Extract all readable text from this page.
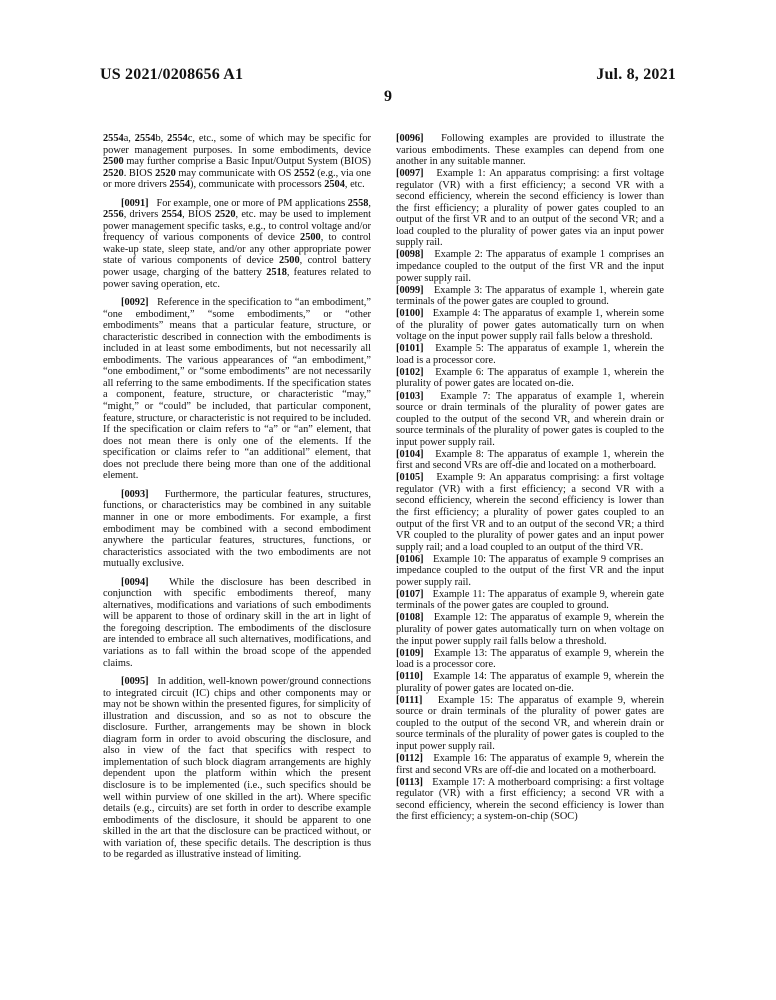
US 2021/0208656 A1	Jul. 8, 2021
9

2554a, 2554b, 2554c, etc., some of which may be specific for power management purposes. In some embodiments, device 2500 may further comprise a Basic Input/Output System (BIOS) 2520. BIOS 2520 may communicate with OS 2552 (e.g., via one or more drivers 2554), communicate with processors 2504, etc.

[0091] For example, one or more of PM applications 2558, 2556, drivers 2554, BIOS 2520, etc. may be used to implement power management specific tasks, e.g., to control voltage and/or frequency of various components of device 2500, to control wake-up state, sleep state, and/or any other appropriate power state of various components of device 2500, control battery power usage, charging of the battery 2518, features related to power saving operation, etc.

[0092] Reference in the specification to “an embodiment,” “one embodiment,” “some embodiments,” or “other embodiments” means that a particular feature, structure, or characteristic described in connection with the embodiments is included in at least some embodiments, but not necessarily all embodiments. The various appearances of “an embodiment,” “one embodiment,” or “some embodiments” are not necessarily all referring to the same embodiments. If the specification states a component, feature, structure, or characteristic “may,” “might,” or “could” be included, that particular component, feature, structure, or characteristic is not required to be included. If the specification or claim refers to “a” or “an” element, that does not mean there is only one of the elements. If the specification or claims refer to “an additional” element, that does not preclude there being more than one of the additional element.

[0093] Furthermore, the particular features, structures, functions, or characteristics may be combined in any suitable manner in one or more embodiments. For example, a first embodiment may be combined with a second embodiment anywhere the particular features, structures, functions, or characteristics associated with the two embodiments are not mutually exclusive.

[0094] While the disclosure has been described in conjunction with specific embodiments thereof, many alternatives, modifications and variations of such embodiments will be apparent to those of ordinary skill in the art in light of the foregoing description. The embodiments of the disclosure are intended to embrace all such alternatives, modifications, and variations as to fall within the broad scope of the appended claims.

[0095] In addition, well-known power/ground connections to integrated circuit (IC) chips and other components may or may not be shown within the presented figures, for simplicity of illustration and discussion, and so as not to obscure the disclosure. Further, arrangements may be shown in block diagram form in order to avoid obscuring the disclosure, and also in view of the fact that specifics with respect to implementation of such block diagram arrangements are highly dependent upon the platform within which the present disclosure is to be implemented (i.e., such specifics should be well within purview of one skilled in the art). Where specific details (e.g., circuits) are set forth in order to describe example embodiments of the disclosure, it should be apparent to one skilled in the art that the disclosure can be practiced without, or with variation of, these specific details. The description is thus to be regarded as illustrative instead of limiting.

[0096] Following examples are provided to illustrate the various embodiments. These examples can depend from one another in any suitable manner.

[0097] Example 1: An apparatus comprising: a first voltage regulator (VR) with a first efficiency; a second VR with a second efficiency, wherein the second efficiency is lower than the first efficiency; a plurality of power gates coupled to an output of the first VR and to an output of the second VR; and a load coupled to the plurality of power gates via an input power supply rail.

[0098] Example 2: The apparatus of example 1 comprises an impedance coupled to the output of the first VR and the input power supply rail.

[0099] Example 3: The apparatus of example 1, wherein gate terminals of the power gates are coupled to ground.

[0100] Example 4: The apparatus of example 1, wherein some of the plurality of power gates automatically turn on when voltage on the input power supply rail falls below a threshold.

[0101] Example 5: The apparatus of example 1, wherein the load is a processor core.

[0102] Example 6: The apparatus of example 1, wherein the plurality of power gates are located on-die.

[0103] Example 7: The apparatus of example 1, wherein source or drain terminals of the plurality of power gates are coupled to the output of the second VR, and wherein drain or source terminals of the plurality of power gates is coupled to the input power supply rail.

[0104] Example 8: The apparatus of example 1, wherein the first and second VRs are off-die and located on a motherboard.

[0105] Example 9: An apparatus comprising: a first voltage regulator (VR) with a first efficiency; a second VR with a second efficiency, wherein the second efficiency is lower than the first efficiency; a plurality of power gates coupled to an output of the first VR and to an output of the second VR; a third VR coupled to the plurality of power gates and an input power supply rail; and a load coupled to an output of the third VR.

[0106] Example 10: The apparatus of example 9 comprises an impedance coupled to the output of the first VR and the input power supply rail.

[0107] Example 11: The apparatus of example 9, wherein gate terminals of the power gates are coupled to ground.

[0108] Example 12: The apparatus of example 9, wherein the plurality of power gates automatically turn on when voltage on the input power supply rail falls below a threshold.

[0109] Example 13: The apparatus of example 9, wherein the load is a processor core.

[0110] Example 14: The apparatus of example 9, wherein the plurality of power gates are located on-die.

[0111] Example 15: The apparatus of example 9, wherein source or drain terminals of the plurality of power gates are coupled to the output of the second VR, and wherein drain or source terminals of the plurality of power gates is coupled to the input power supply rail.

[0112] Example 16: The apparatus of example 9, wherein the first and second VRs are off-die and located on a motherboard.

[0113] Example 17: A motherboard comprising: a first voltage regulator (VR) with a first efficiency; a second VR with a second efficiency, wherein the second efficiency is lower than the first efficiency; a system-on-chip (SOC)
